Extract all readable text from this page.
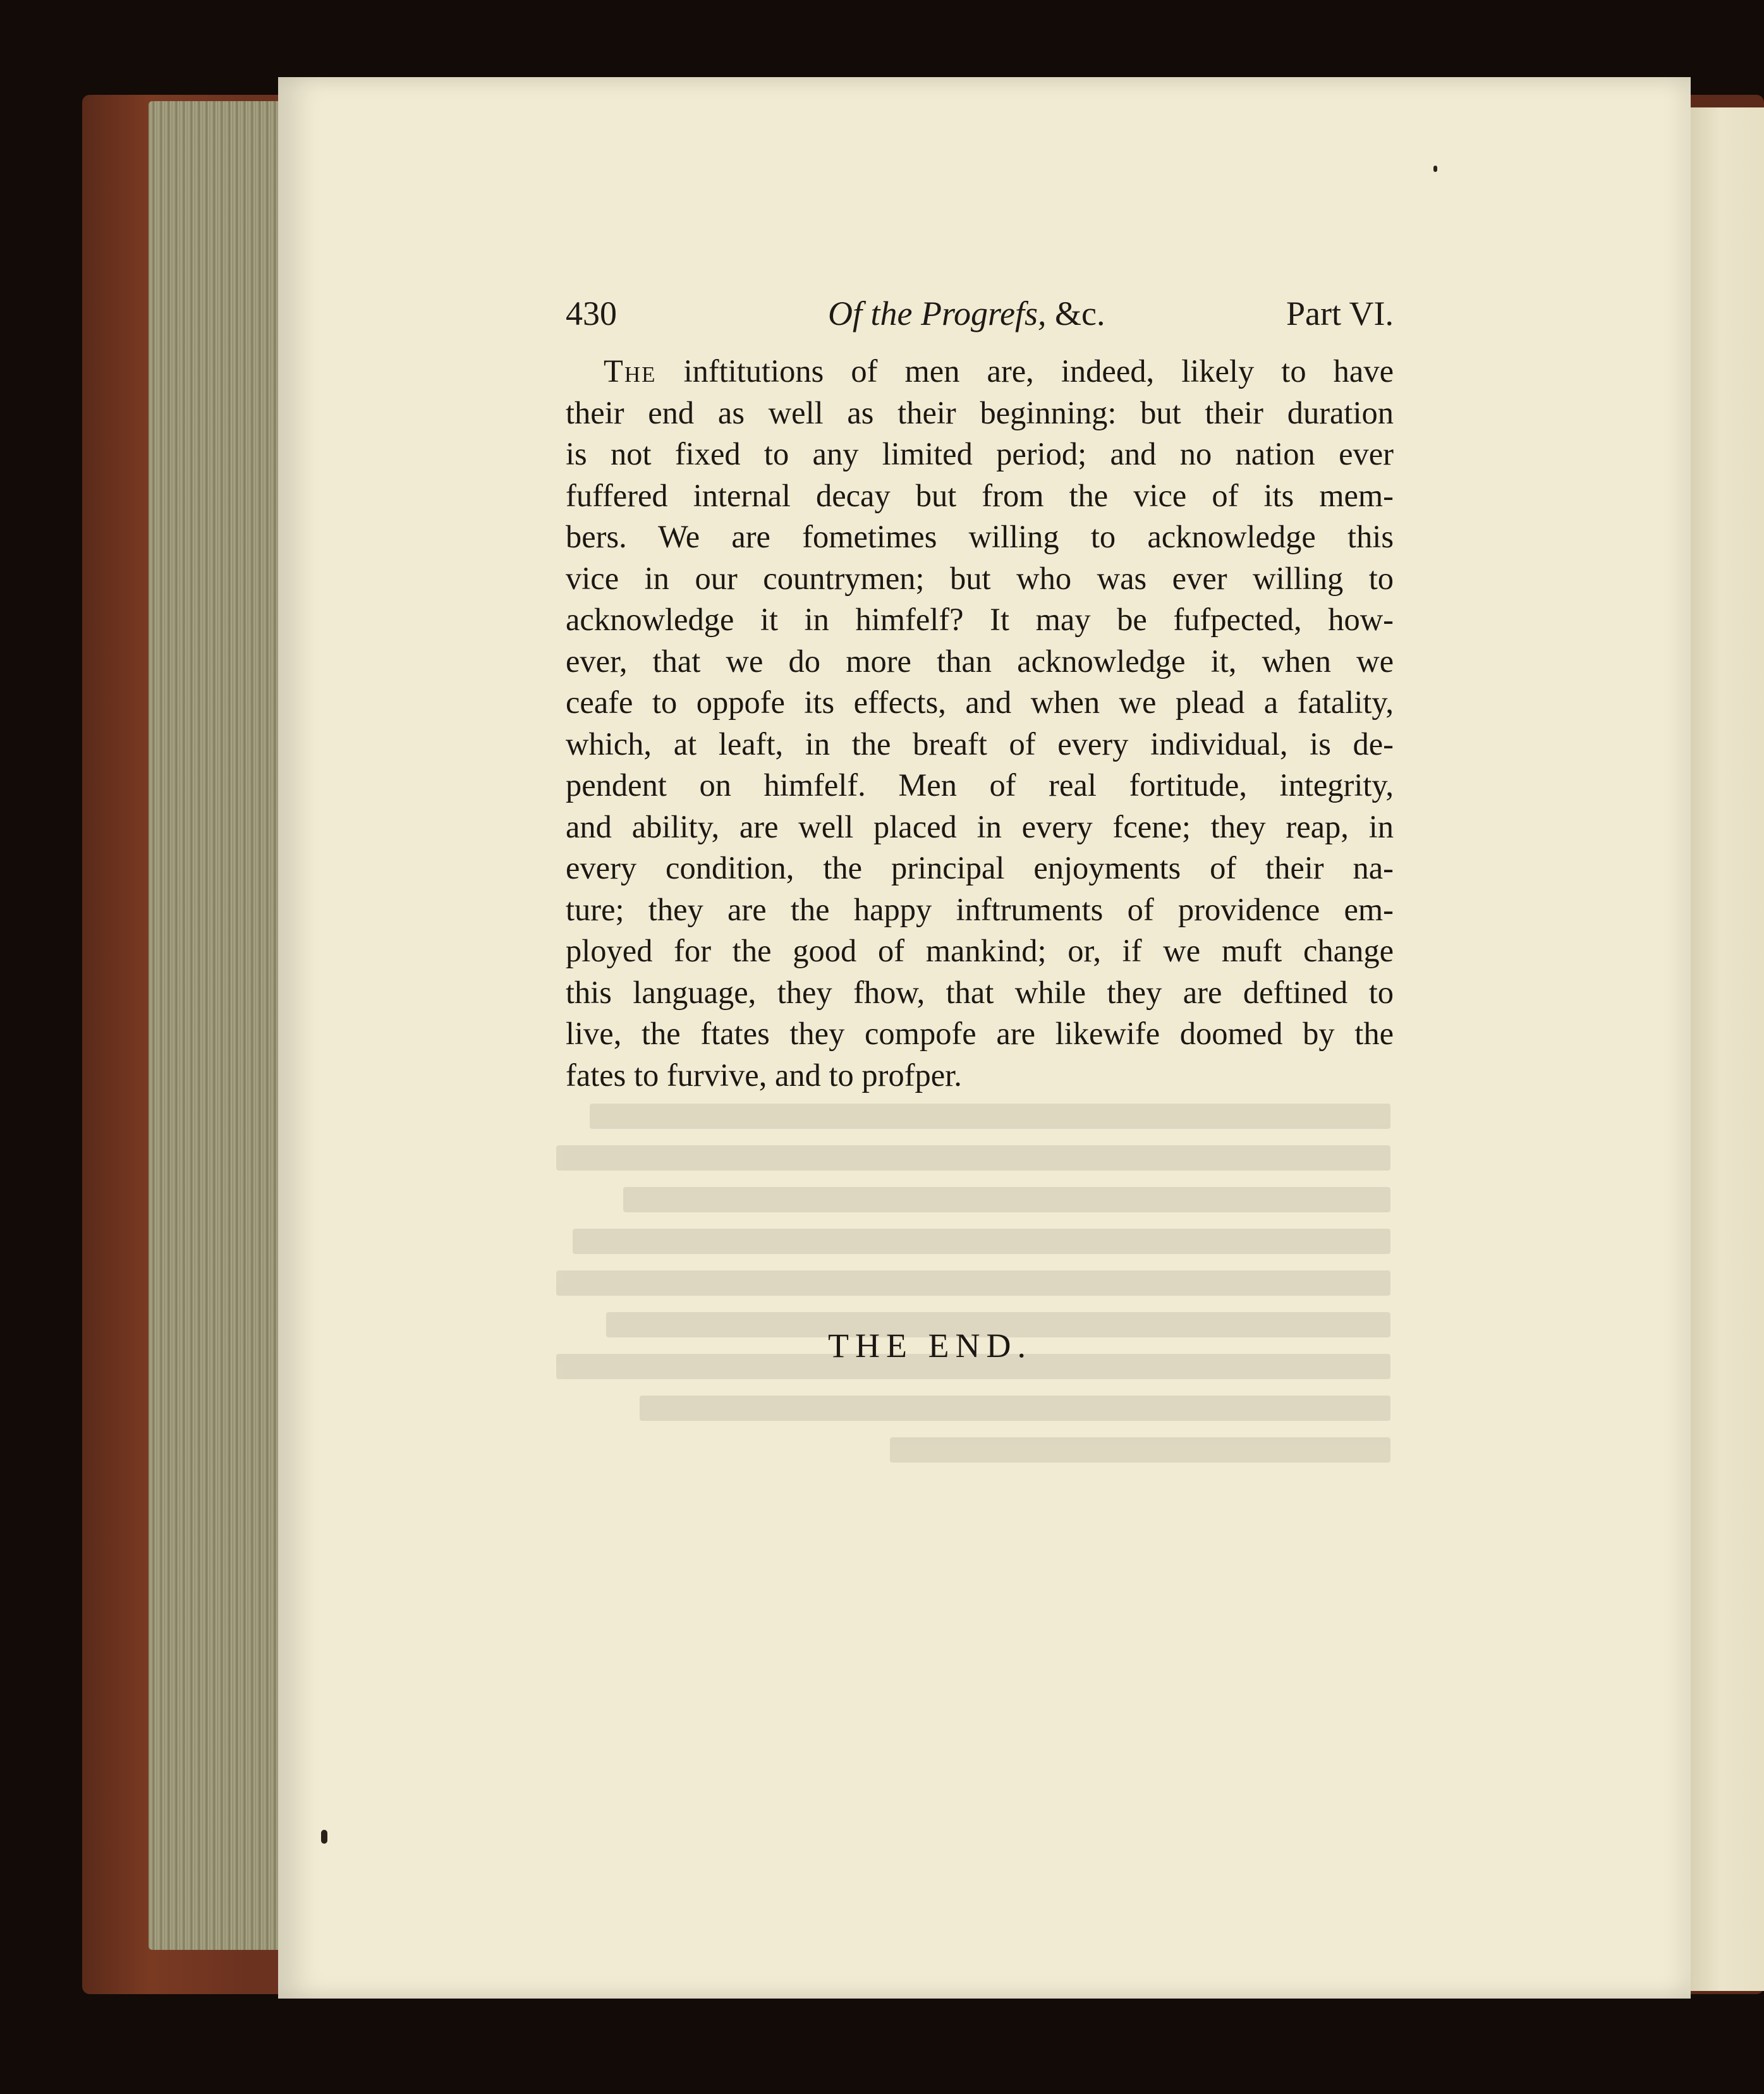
430	Of the Progrefs, &c.	Part VI.
The inftitutions of men are, indeed, likely to have
their end as well as their beginning: but their duration
is not fixed to any limited period; and no nation ever
fuffered internal decay but from the vice of its mem-
bers. We are fometimes willing to acknowledge this
vice in our countrymen; but who was ever willing to
acknowledge it in himfelf? It may be fufpected, how-
ever, that we do more than acknowledge it, when we
ceafe to oppofe its effects, and when we plead a fatality,
which, at leaft, in the breaft of every individual, is de-
pendent on himfelf. Men of real fortitude, integrity,
and ability, are well placed in every fcene; they reap, in
every condition, the principal enjoyments of their na-
ture; they are the happy inftruments of providence em-
ployed for the good of mankind; or, if we muft change
this language, they fhow, that while they are deftined to
live, the ftates they compofe are likewife doomed by the
fates to furvive, and to profper.
THE END.
